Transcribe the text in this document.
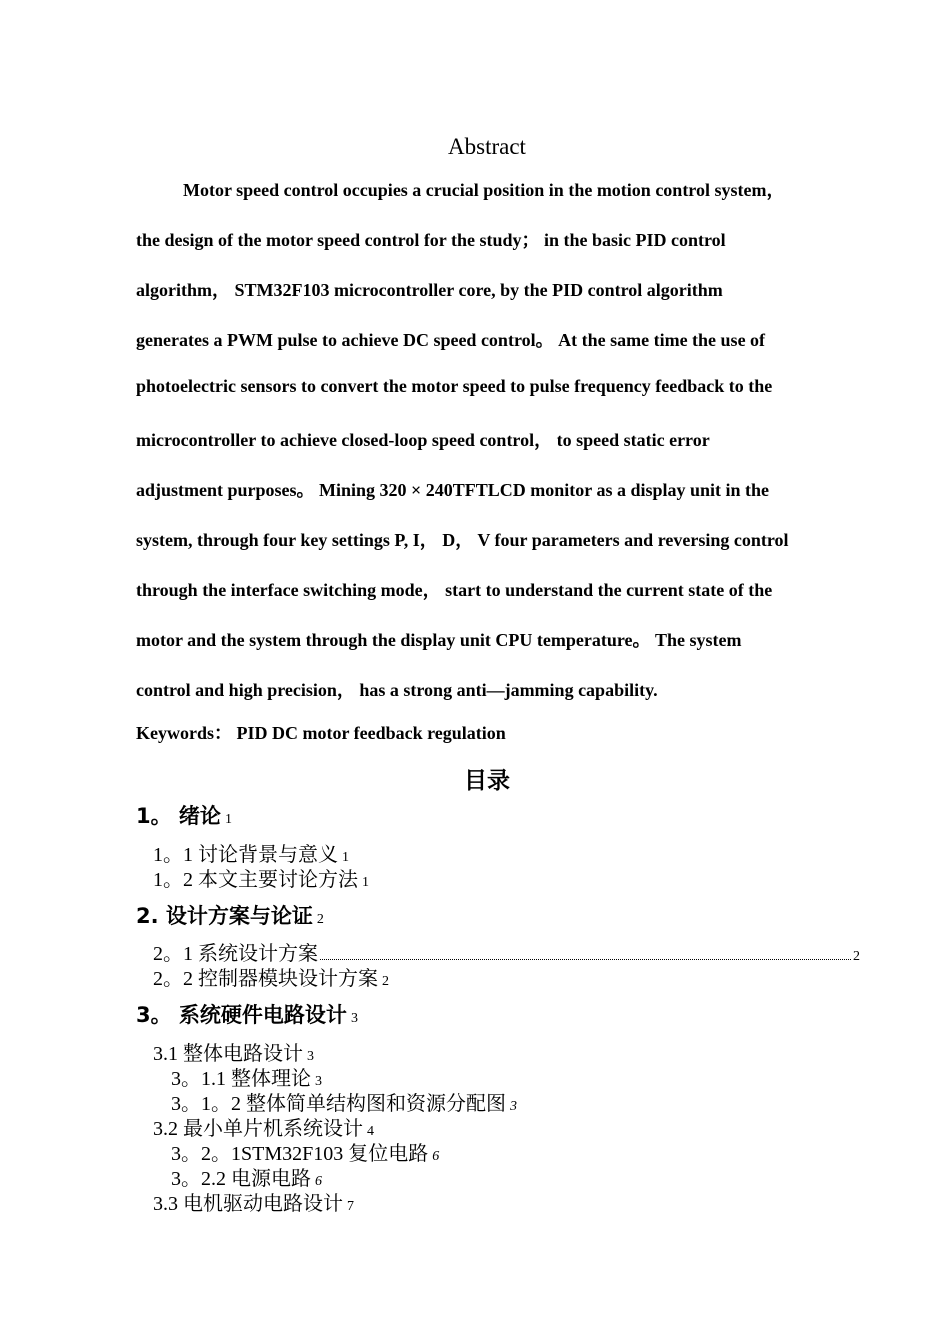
Abstract
Motor speed control occupies a crucial position in the motion control system，
the design of the motor speed control for the study； in the basic PID control
algorithm， STM32F103 microcontroller core, by the PID control algorithm
generates a PWM pulse to achieve DC speed control。 At the same time the use of
photoelectric sensors to convert the motor speed to pulse frequency feedback to the
microcontroller to achieve closed-loop speed control， to speed static error
adjustment purposes。 Mining 320 × 240TFTLCD monitor as a display unit in the
system, through four key settings P, I， D， V four parameters and reversing control
through the interface switching mode， start to understand the current state of the
motor and the system through the display unit CPU temperature。 The system
control and high precision， has a strong anti—jamming capability.
Keywords： PID DC motor feedback regulation
目录
1。 绪论 1
1。1 讨论背景与意义 1
1。2 本文主要讨论方法 1
2. 设计方案与论证 2
2。1 系统设计方案	2
2。2 控制器模块设计方案 2
3。 系统硬件电路设计 3
3.1 整体电路设计 3
3。1.1 整体理论 3
3。1。2 整体简单结构图和资源分配图 3
3.2 最小单片机系统设计 4
3。2。1STM32F103 复位电路 6
3。2.2 电源电路 6
3.3 电机驱动电路设计 7
